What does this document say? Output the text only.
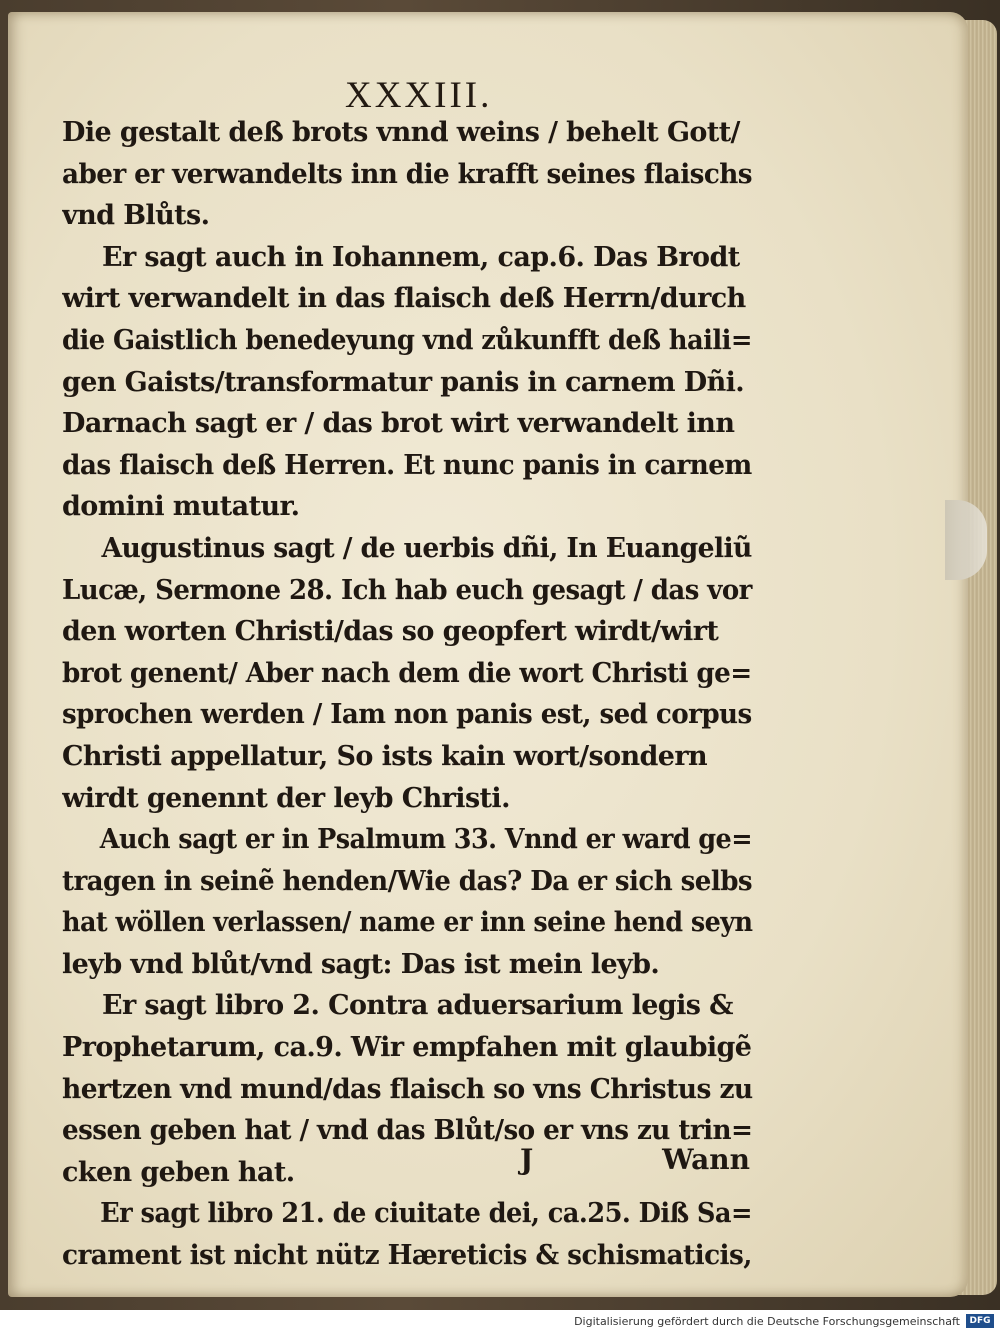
XXXIII.
Die gestalt deß brots vnnd weins / behelt Gott/
aber er verwandelts inn die krafft seines flaischs
vnd Blůts.
Er sagt auch in Iohannem, cap.6. Das Brodt
wirt verwandelt in das flaisch deß Herrn/durch
die Gaistlich benedeyung vnd zůkunfft deß haili=
gen Gaists/transformatur panis in carnem Dñi.
Darnach sagt er / das brot wirt verwandelt inn
das flaisch deß Herren. Et nunc panis in carnem
domini mutatur.
Augustinus sagt / de uerbis dñi, In Euangeliũ
Lucæ, Sermone 28. Ich hab euch gesagt / das vor
den worten Christi/das so geopfert wirdt/wirt
brot genent/ Aber nach dem die wort Christi ge=
sprochen werden / Iam non panis est, sed corpus
Christi appellatur, So ists kain wort/sondern
wirdt genennt der leyb Christi.
Auch sagt er in Psalmum 33. Vnnd er ward ge=
tragen in seinẽ henden/Wie das? Da er sich selbs
hat wöllen verlassen/ name er inn seine hend seyn
leyb vnd blůt/vnd sagt: Das ist mein leyb.
Er sagt libro 2. Contra aduersarium legis &
Prophetarum, ca.9. Wir empfahen mit glaubigẽ
hertzen vnd mund/das flaisch so vns Christus zu
essen geben hat / vnd das Blůt/so er vns zu trin=
cken geben hat.
Er sagt libro 21. de ciuitate dei, ca.25. Diß Sa=
crament ist nicht nütz Hæreticis & schismaticis,
J	Wann
Digitalisierung gefördert durch die Deutsche Forschungsgemeinschaft	DFG
